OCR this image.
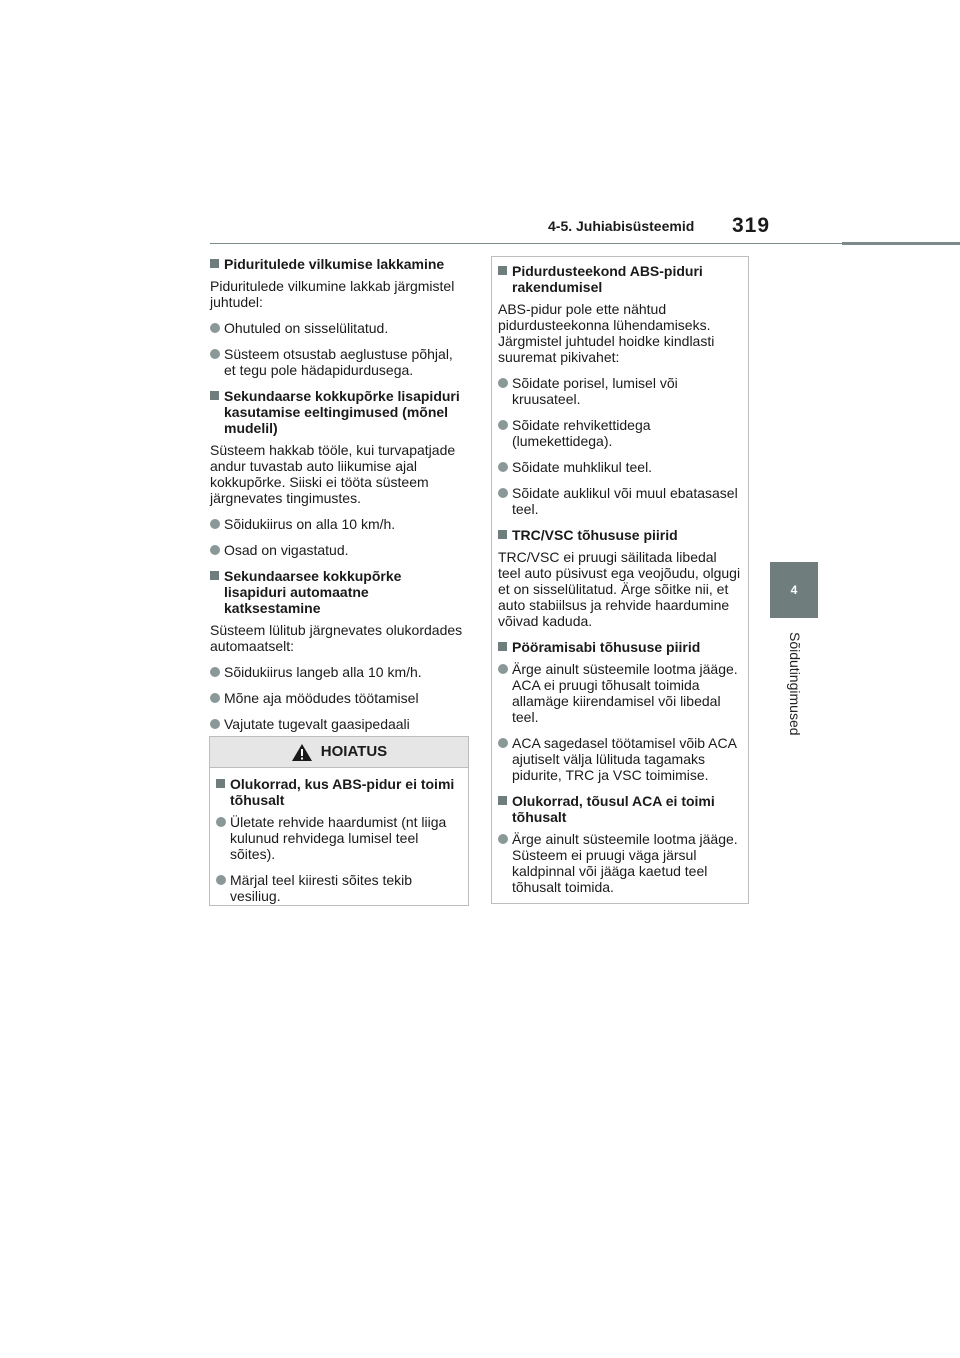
4-5. Juhiabisüsteemid 319
4
Sõidutingimused
Piduritulede vilkumise lakkamine
Piduritulede vilkumine lakkab järgmistel juhtudel:
Ohutuled on sisselülitatud.
Süsteem otsustab aeglustuse põhjal, et tegu pole hädapidurdusega.
Sekundaarse kokkupõrke lisapiduri kasutamise eeltingimused (mõnel mudelil)
Süsteem hakkab tööle, kui turvapatjade andur tuvastab auto liikumise ajal kokkupõrke. Siiski ei tööta süsteem järgnevates tingimustes.
Sõidukiirus on alla 10 km/h.
Osad on vigastatud.
Sekundaarsee kokkupõrke lisapiduri automaatne katksestamine
Süsteem lülitub järgnevates olukordades automaatselt:
Sõidukiirus langeb alla 10 km/h.
Mõne aja möödudes töötamisel
Vajutate tugevalt gaasipedaali
HOIATUS
Olukorrad, kus ABS-pidur ei toimi tõhusalt
Ületate rehvide haardumist (nt liiga kulunud rehvidega lumisel teel sõites).
Märjal teel kiiresti sõites tekib vesiliug.
Pidurdusteekond ABS-piduri rakendumisel
ABS-pidur pole ette nähtud pidurdusteekonna lühendamiseks. Järgmistel juhtudel hoidke kindlasti suuremat pikivahet:
Sõidate porisel, lumisel või kruusateel.
Sõidate rehvikettidega (lumekettidega).
Sõidate muhklikul teel.
Sõidate auklikul või muul ebatasasel teel.
TRC/VSC tõhususe piirid
TRC/VSC ei pruugi säilitada libedal teel auto püsivust ega veojõudu, olgugi et on sisselülitatud. Ärge sõitke nii, et auto stabiilsus ja rehvide haardumine võivad kaduda.
Pööramisabi tõhususe piirid
Ärge ainult süsteemile lootma jääge. ACA ei pruugi tõhusalt toimida allamäge kiirendamisel või libedal teel.
ACA sagedasel töötamisel võib ACA ajutiselt välja lülituda tagamaks pidurite, TRC ja VSC toimimise.
Olukorrad, tõusul ACA ei toimi tõhusalt
Ärge ainult süsteemile lootma jääge. Süsteem ei pruugi väga järsul kaldpinnal või jääga kaetud teel tõhusalt toimida.
